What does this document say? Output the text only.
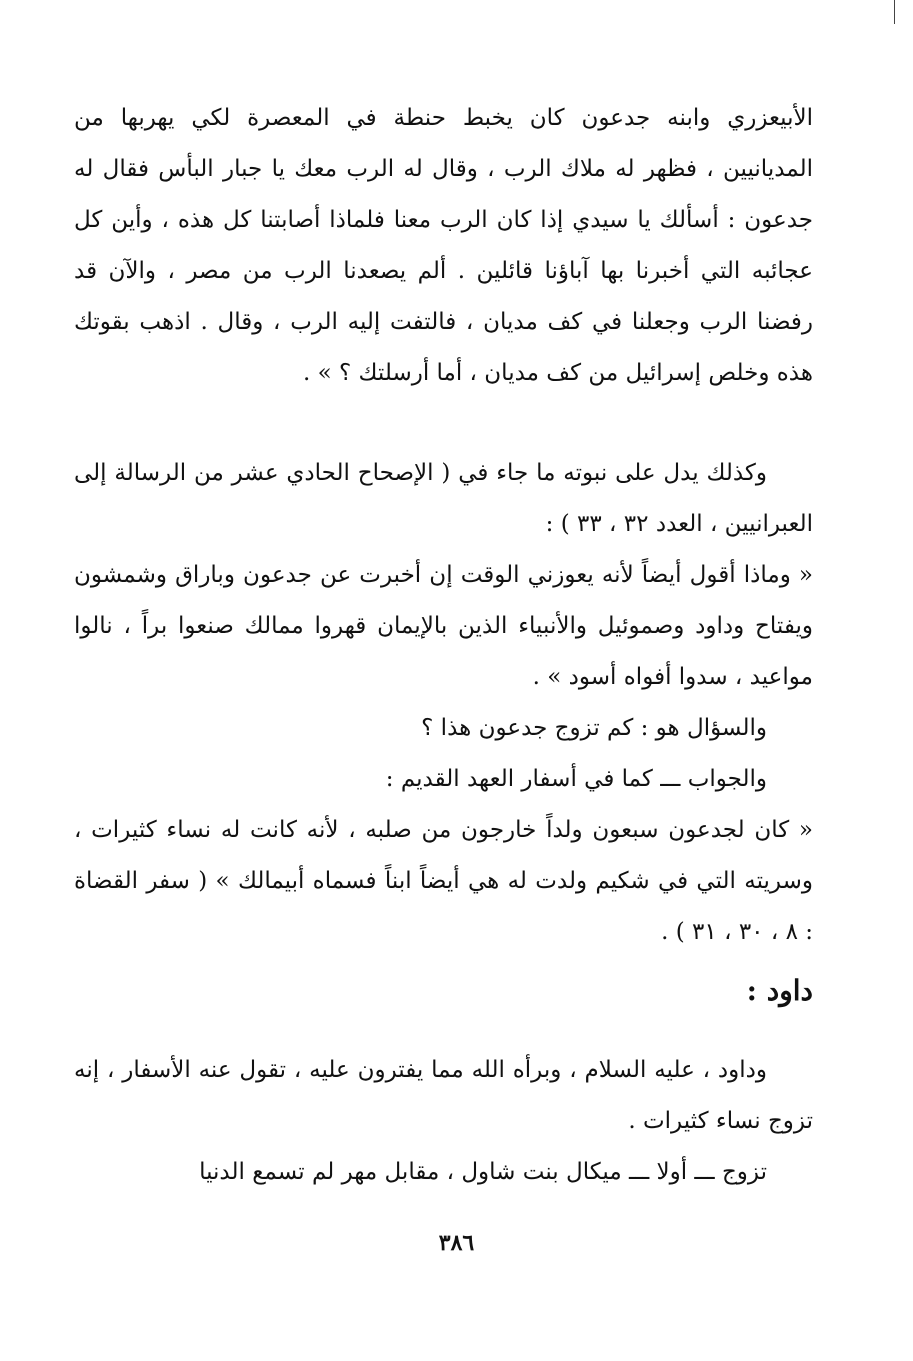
الأبيعزري وابنه جدعون كان يخبط حنطة في المعصرة لكي يهربها من المديانيين ، فظهر له ملاك الرب ، وقال له الرب معك يا جبار البأس فقال له جدعون : أسألك يا سيدي إذا كان الرب معنا فلماذا أصابتنا كل هذه ، وأين كل عجائبه التي أخبرنا بها آباؤنا قائلين . ألم يصعدنا الرب من مصر ، والآن قد رفضنا الرب وجعلنا في كف مديان ، فالتفت إليه الرب ، وقال . اذهب بقوتك هذه وخلص إسرائيل من كف مديان ، أما أرسلتك ؟ » .

وكذلك يدل على نبوته ما جاء في ( الإصحاح الحادي عشر من الرسالة إلى العبرانيين ، العدد ٣٢ ، ٣٣ ) :

« وماذا أقول أيضاً لأنه يعوزني الوقت إن أخبرت عن جدعون وباراق وشمشون ويفتاح وداود وصموئيل والأنبياء الذين بالإيمان قهروا ممالك صنعوا براً ، نالوا مواعيد ، سدوا أفواه أسود » .

والسؤال هو : كم تزوج جدعون هذا ؟

والجواب ـــ كما في أسفار العهد القديم :

« كان لجدعون سبعون ولداً خارجون من صلبه ، لأنه كانت له نساء كثيرات ، وسريته التي في شكيم ولدت له هي أيضاً ابناً فسماه أبيمالك » ( سفر القضاة : ٨ ، ٣٠ ، ٣١ ) .

داود :

وداود ، عليه السلام ، وبرأه الله مما يفترون عليه ، تقول عنه الأسفار ، إنه تزوج نساء كثيرات .

تزوج ـــ أولا ـــ ميكال بنت شاول ، مقابل مهر لم تسمع الدنيا

٣٨٦
